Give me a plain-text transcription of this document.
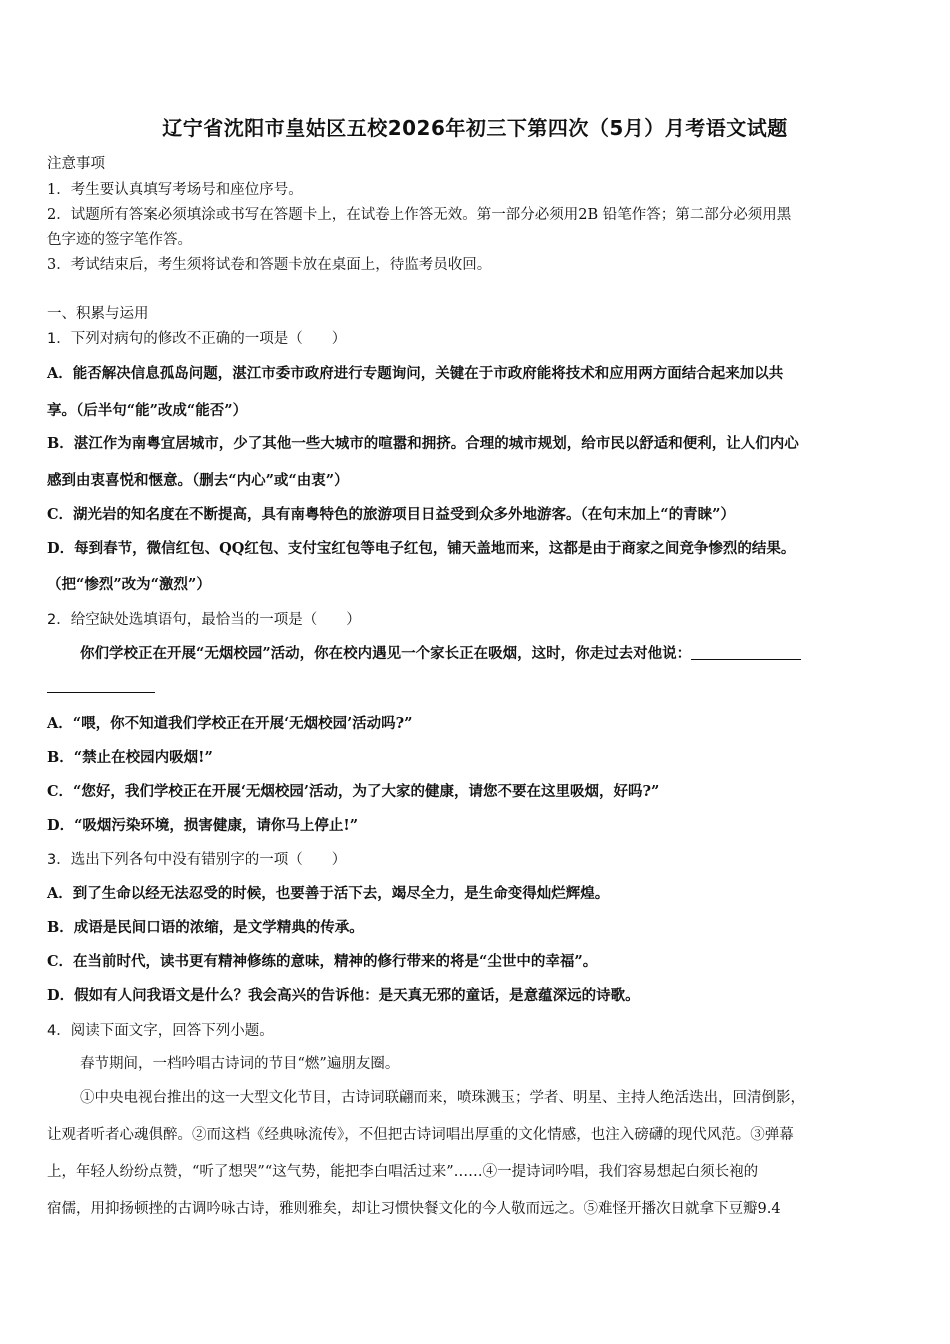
辽宁省沈阳市皇姑区五校2026年初三下第四次（5月）月考语文试题
注意事项
1．考生要认真填写考场号和座位序号。
2．试题所有答案必须填涂或书写在答题卡上，在试卷上作答无效。第一部分必须用2B 铅笔作答；第二部分必须用黑
色字迹的签字笔作答。
3．考试结束后，考生须将试卷和答题卡放在桌面上，待监考员收回。
一、积累与运用
1．下列对病句的修改不正确的一项是（　　）
A．能否解决信息孤岛问题，湛江市委市政府进行专题询问，关键在于市政府能将技术和应用两方面结合起来加以共
享。（后半句“能”改成“能否”）
B．湛江作为南粤宜居城市，少了其他一些大城市的喧嚣和拥挤。合理的城市规划，给市民以舒适和便利，让人们内心
感到由衷喜悦和惬意。（删去“内心”或“由衷”）
C．湖光岩的知名度在不断提高，具有南粤特色的旅游项目日益受到众多外地游客。（在句末加上“的青睐”）
D．每到春节，微信红包、QQ红包、支付宝红包等电子红包，铺天盖地而来，这都是由于商家之间竞争惨烈的结果。
（把“惨烈”改为“激烈”）
2．给空缺处选填语句，最恰当的一项是（　　）
你们学校正在开展“无烟校园”活动，你在校内遇见一个家长正在吸烟，这时，你走过去对他说：
A．“喂，你不知道我们学校正在开展‘无烟校园’活动吗?”
B．“禁止在校园内吸烟!”
C．“您好，我们学校正在开展‘无烟校园’活动，为了大家的健康，请您不要在这里吸烟，好吗?”
D．“吸烟污染环境，损害健康，请你马上停止!”
3．选出下列各句中没有错别字的一项（　　）
A．到了生命以经无法忍受的时候，也要善于活下去，竭尽全力，是生命变得灿烂辉煌。
B．成语是民间口语的浓缩，是文学精典的传承。
C．在当前时代，读书更有精神修练的意味，精神的修行带来的将是“尘世中的幸福”。
D．假如有人问我语文是什么？我会高兴的告诉他：是天真无邪的童话，是意蕴深远的诗歌。
4．阅读下面文字，回答下列小题。
春节期间，一档吟唱古诗词的节目“燃”遍朋友圈。
①中央电视台推出的这一大型文化节目，古诗词联翩而来，喷珠溅玉；学者、明星、主持人绝活迭出，回清倒影，
让观者听者心魂俱醉。②而这档《经典咏流传》，不但把古诗词唱出厚重的文化情感，也注入磅礴的现代风范。③弹幕
上，年轻人纷纷点赞，“听了想哭”“这气势，能把李白唱活过来”……④一提诗词吟唱，我们容易想起白须长袍的
宿儒，用抑扬顿挫的古调吟咏古诗，雅则雅矣，却让习惯快餐文化的今人敬而远之。⑤难怪开播次日就拿下豆瓣9.4
